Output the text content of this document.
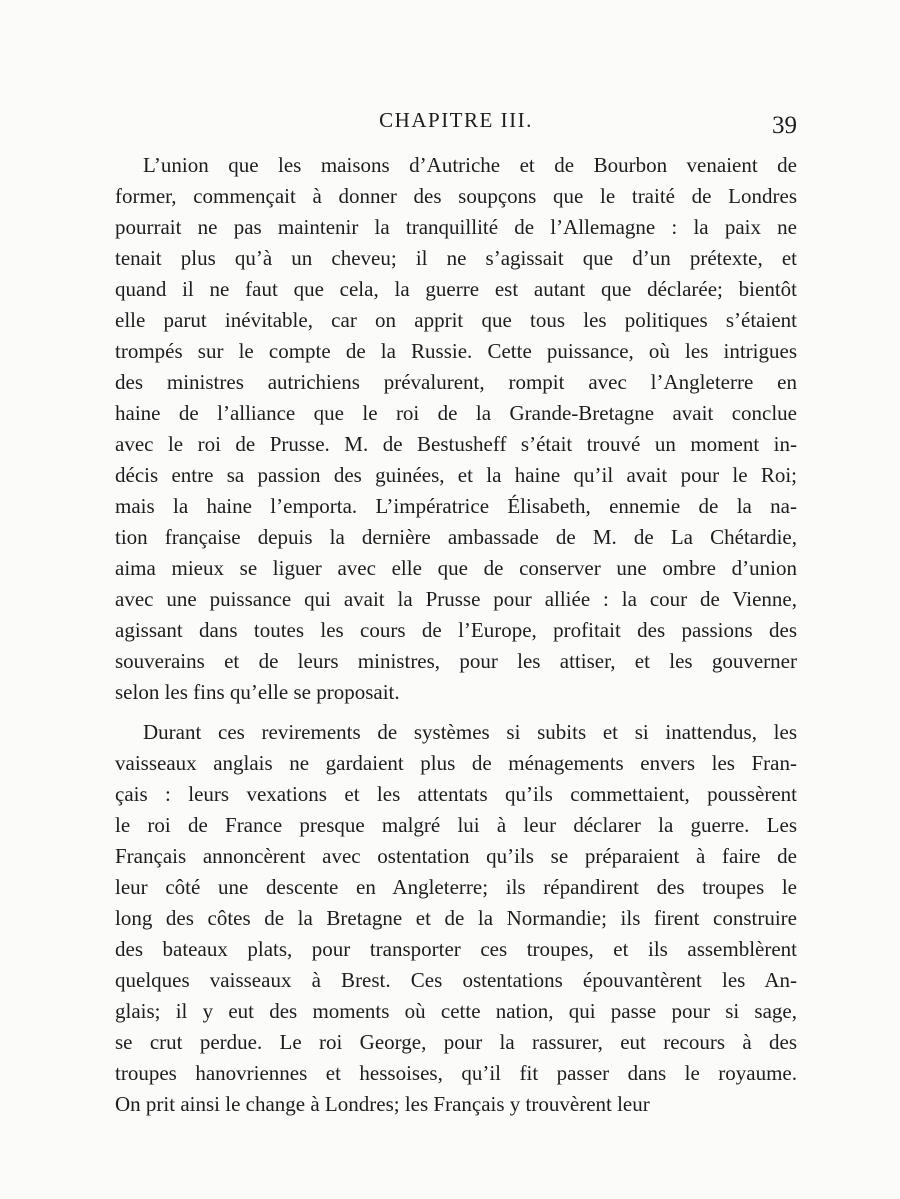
CHAPITRE III.	39
L’union que les maisons d’Autriche et de Bourbon venaient de
former, commençait à donner des soupçons que le traité de Londres
pourrait ne pas maintenir la tranquillité de l’Allemagne : la paix ne
tenait plus qu’à un cheveu; il ne s’agissait que d’un prétexte, et
quand il ne faut que cela, la guerre est autant que déclarée; bientôt
elle parut inévitable, car on apprit que tous les politiques s’étaient
trompés sur le compte de la Russie. Cette puissance, où les intrigues
des ministres autrichiens prévalurent, rompit avec l’Angleterre en
haine de l’alliance que le roi de la Grande-Bretagne avait conclue
avec le roi de Prusse. M. de Bestusheff s’était trouvé un moment in-
décis entre sa passion des guinées, et la haine qu’il avait pour le Roi;
mais la haine l’emporta. L’impératrice Élisabeth, ennemie de la na-
tion française depuis la dernière ambassade de M. de La Chétardie,
aima mieux se liguer avec elle que de conserver une ombre d’union
avec une puissance qui avait la Prusse pour alliée : la cour de Vienne,
agissant dans toutes les cours de l’Europe, profitait des passions des
souverains et de leurs ministres, pour les attiser, et les gouverner
selon les fins qu’elle se proposait.
Durant ces revirements de systèmes si subits et si inattendus, les
vaisseaux anglais ne gardaient plus de ménagements envers les Fran-
çais : leurs vexations et les attentats qu’ils commettaient, poussèrent
le roi de France presque malgré lui à leur déclarer la guerre. Les
Français annoncèrent avec ostentation qu’ils se préparaient à faire de
leur côté une descente en Angleterre; ils répandirent des troupes le
long des côtes de la Bretagne et de la Normandie; ils firent construire
des bateaux plats, pour transporter ces troupes, et ils assemblèrent
quelques vaisseaux à Brest. Ces ostentations épouvantèrent les An-
glais; il y eut des moments où cette nation, qui passe pour si sage,
se crut perdue. Le roi George, pour la rassurer, eut recours à des
troupes hanovriennes et hessoises, qu’il fit passer dans le royaume.
On prit ainsi le change à Londres; les Français y trouvèrent leur
